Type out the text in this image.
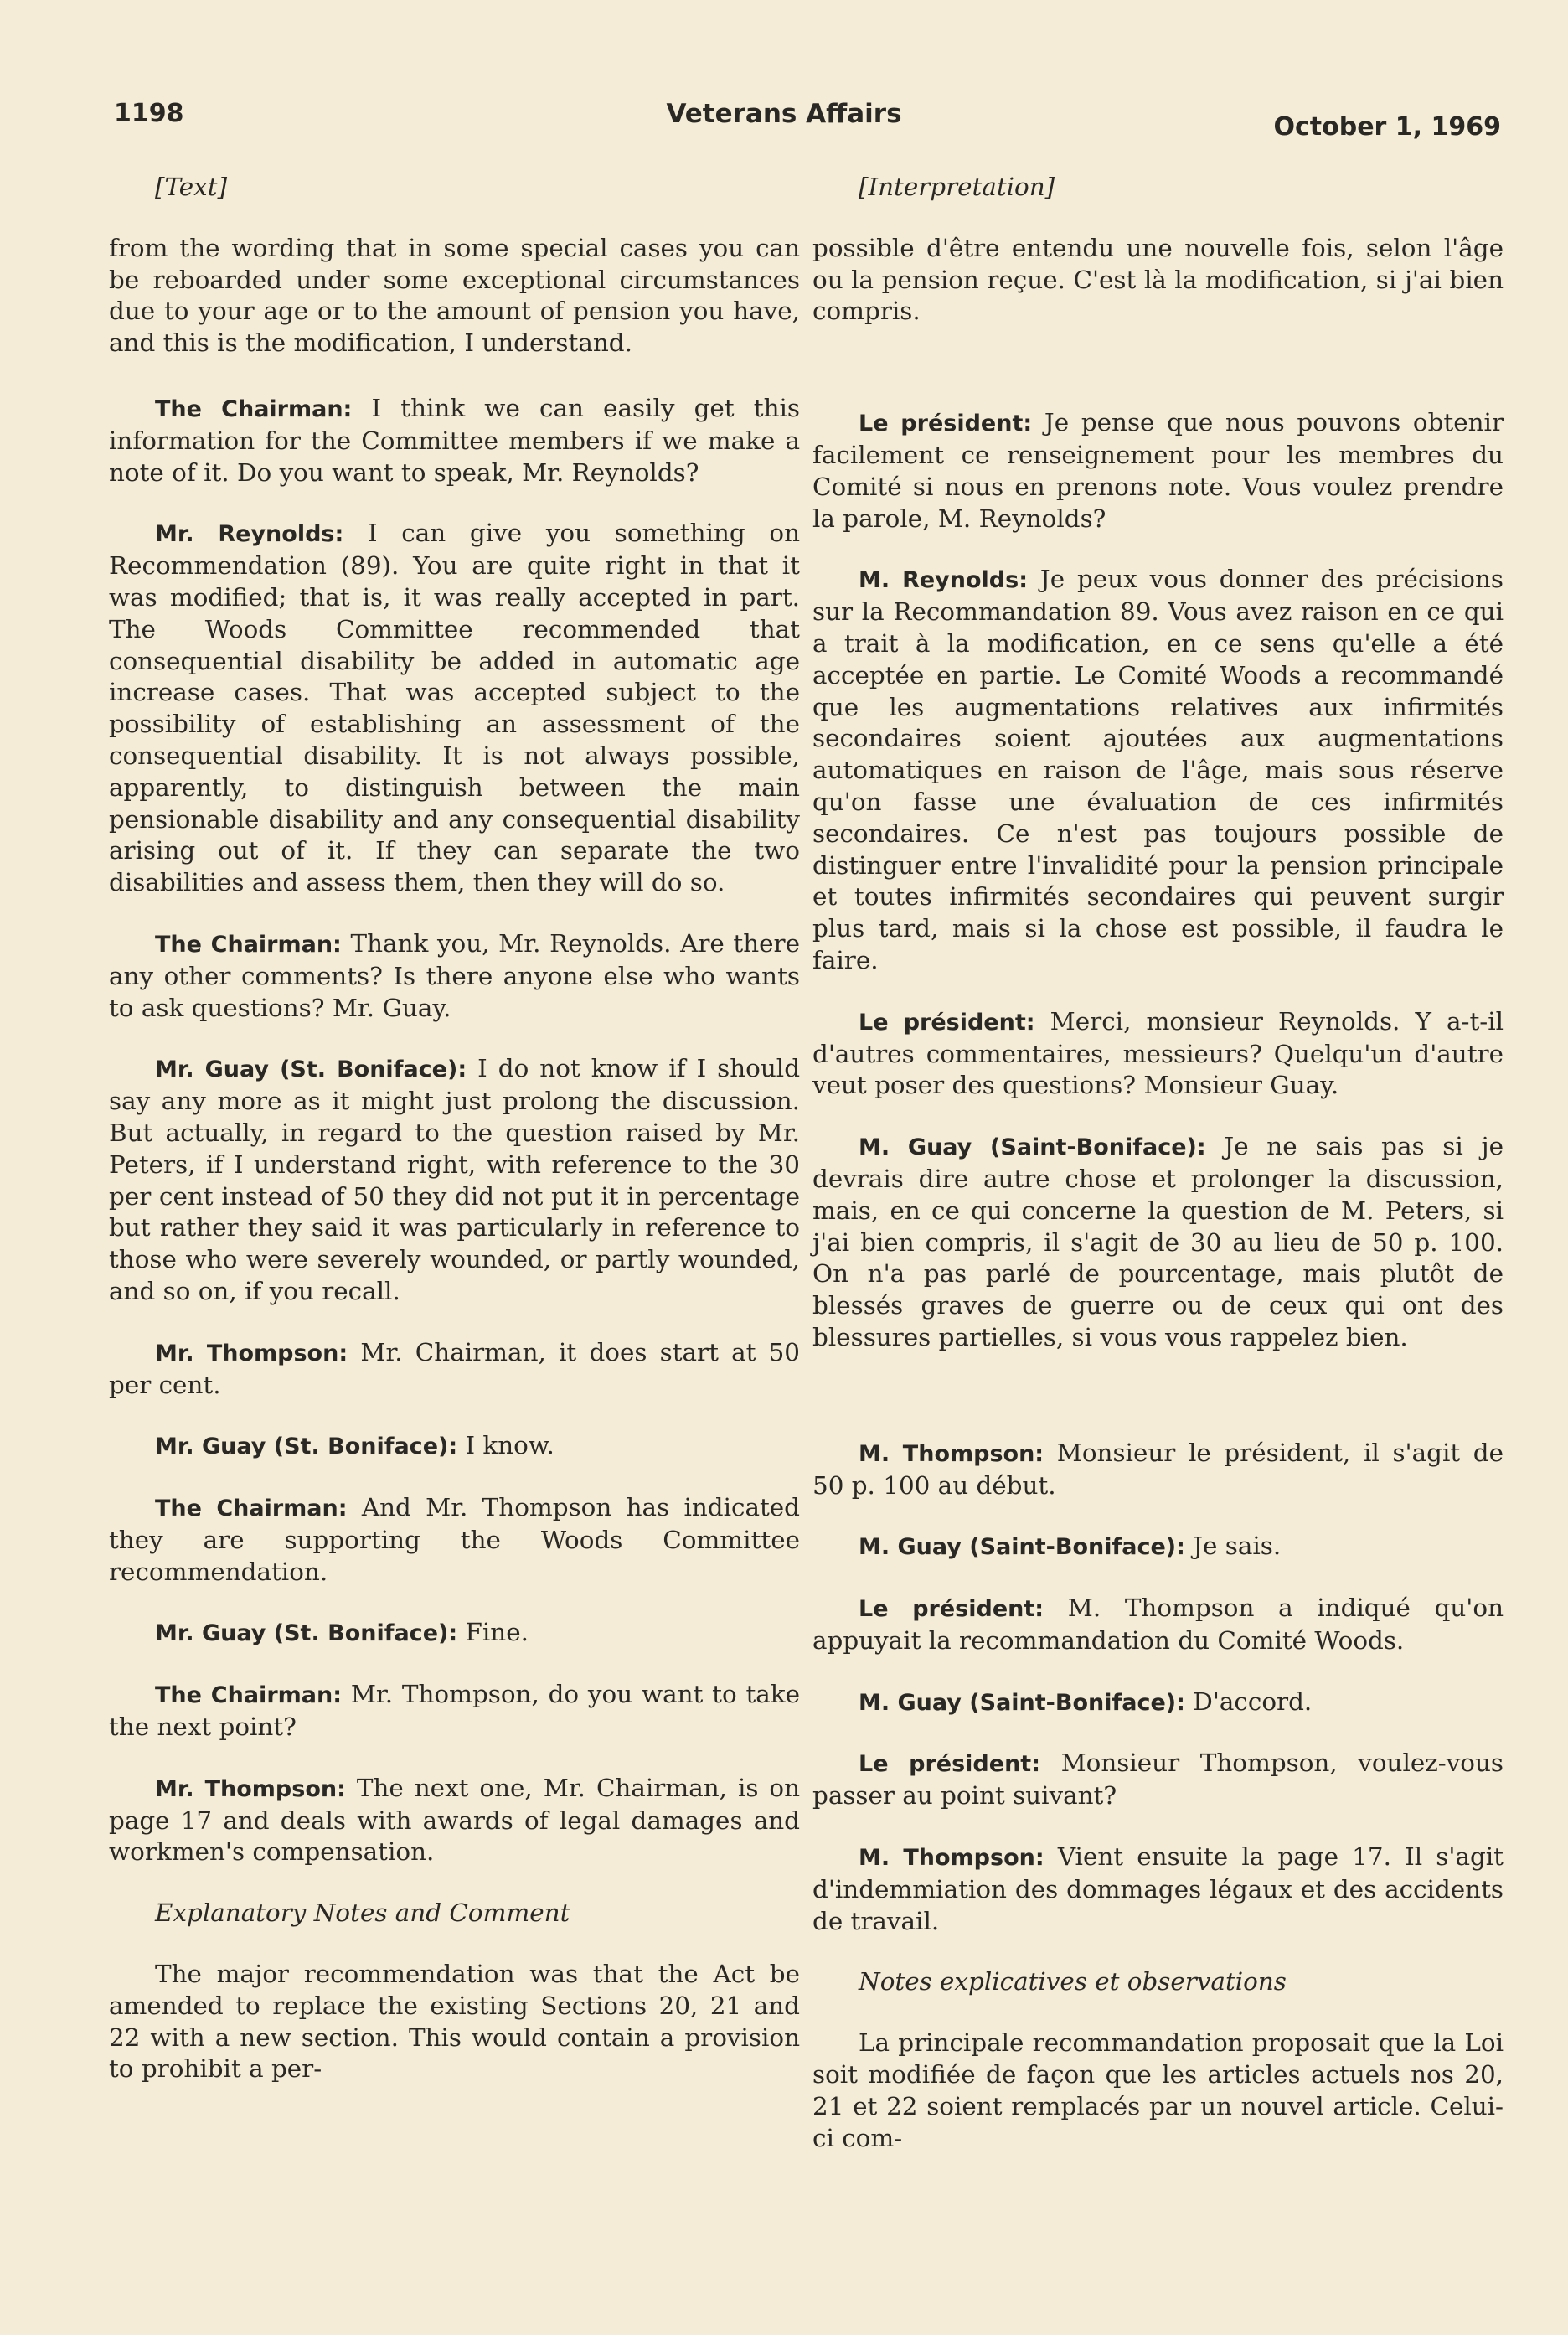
1198	Veterans Affairs	October 1, 1969

[Text]

from the wording that in some special cases you can be reboarded under some exceptional circumstances due to your age or to the amount of pension you have, and this is the modification, I understand.

The Chairman: I think we can easily get this information for the Committee members if we make a note of it. Do you want to speak, Mr. Reynolds?

Mr. Reynolds: I can give you something on Recommendation (89). You are quite right in that it was modified; that is, it was really accepted in part. The Woods Committee recommended that consequential disability be added in automatic age increase cases. That was accepted subject to the possibility of establishing an assessment of the consequential disability. It is not always possible, apparently, to distinguish between the main pensionable disability and any consequential disability arising out of it. If they can separate the two disabilities and assess them, then they will do so.

The Chairman: Thank you, Mr. Reynolds. Are there any other comments? Is there anyone else who wants to ask questions? Mr. Guay.

Mr. Guay (St. Boniface): I do not know if I should say any more as it might just prolong the discussion. But actually, in regard to the question raised by Mr. Peters, if I understand right, with reference to the 30 per cent instead of 50 they did not put it in percentage but rather they said it was particularly in reference to those who were severely wounded, or partly wounded, and so on, if you recall.

Mr. Thompson: Mr. Chairman, it does start at 50 per cent.

Mr. Guay (St. Boniface): I know.

The Chairman: And Mr. Thompson has indicated they are supporting the Woods Committee recommendation.

Mr. Guay (St. Boniface): Fine.

The Chairman: Mr. Thompson, do you want to take the next point?

Mr. Thompson: The next one, Mr. Chairman, is on page 17 and deals with awards of legal damages and workmen's compensation.

Explanatory Notes and Comment

The major recommendation was that the Act be amended to replace the existing Sections 20, 21 and 22 with a new section. This would contain a provision to prohibit a per-

[Interpretation]

possible d'être entendu une nouvelle fois, selon l'âge ou la pension reçue. C'est là la modification, si j'ai bien compris.

Le président: Je pense que nous pouvons obtenir facilement ce renseignement pour les membres du Comité si nous en prenons note. Vous voulez prendre la parole, M. Reynolds?

M. Reynolds: Je peux vous donner des précisions sur la Recommandation 89. Vous avez raison en ce qui a trait à la modification, en ce sens qu'elle a été acceptée en partie. Le Comité Woods a recommandé que les augmentations relatives aux infirmités secondaires soient ajoutées aux augmentations automatiques en raison de l'âge, mais sous réserve qu'on fasse une évaluation de ces infirmités secondaires. Ce n'est pas toujours possible de distinguer entre l'invalidité pour la pension principale et toutes infirmités secondaires qui peuvent surgir plus tard, mais si la chose est possible, il faudra le faire.

Le président: Merci, monsieur Reynolds. Y a-t-il d'autres commentaires, messieurs? Quelqu'un d'autre veut poser des questions? Monsieur Guay.

M. Guay (Saint-Boniface): Je ne sais pas si je devrais dire autre chose et prolonger la discussion, mais, en ce qui concerne la question de M. Peters, si j'ai bien compris, il s'agit de 30 au lieu de 50 p. 100. On n'a pas parlé de pourcentage, mais plutôt de blessés graves de guerre ou de ceux qui ont des blessures partielles, si vous vous rappelez bien.

M. Thompson: Monsieur le président, il s'agit de 50 p. 100 au début.

M. Guay (Saint-Boniface): Je sais.

Le président: M. Thompson a indiqué qu'on appuyait la recommandation du Comité Woods.

M. Guay (Saint-Boniface): D'accord.

Le président: Monsieur Thompson, voulez-vous passer au point suivant?

M. Thompson: Vient ensuite la page 17. Il s'agit d'indemmiation des dommages légaux et des accidents de travail.

Notes explicatives et observations

La principale recommandation proposait que la Loi soit modifiée de façon que les articles actuels nos 20, 21 et 22 soient remplacés par un nouvel article. Celui-ci com-
